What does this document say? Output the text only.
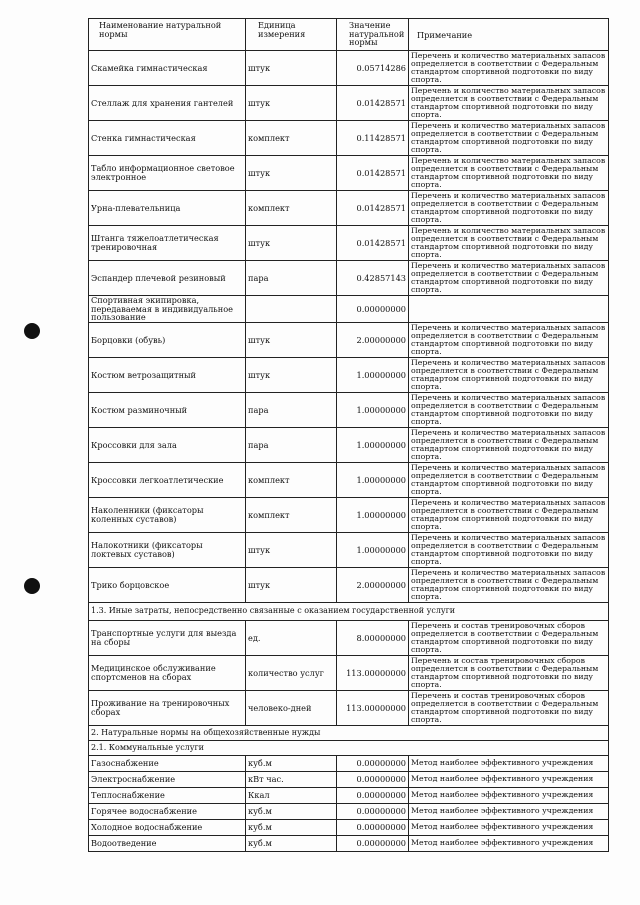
Наименование натуральной нормы	Единица измерения	Значение натуральной нормы	Примечание
Скамейка гимнастическая	штук	0.05714286	Перечень и количество материальных запасов определяется в соответствии с Федеральным стандартом спортивной подготовки по виду спорта.
Стеллаж для хранения гантелей	штук	0.01428571	Перечень и количество материальных запасов определяется в соответствии с Федеральным стандартом спортивной подготовки по виду спорта.
Стенка гимнастическая	комплект	0.11428571	Перечень и количество материальных запасов определяется в соответствии с Федеральным стандартом спортивной подготовки по виду спорта.
Табло информационное световое электронное	штук	0.01428571	Перечень и количество материальных запасов определяется в соответствии с Федеральным стандартом спортивной подготовки по виду спорта.
Урна-плевательница	комплект	0.01428571	Перечень и количество материальных запасов определяется в соответствии с Федеральным стандартом спортивной подготовки по виду спорта.
Штанга тяжелоатлетическая тренировочная	штук	0.01428571	Перечень и количество материальных запасов определяется в соответствии с Федеральным стандартом спортивной подготовки по виду спорта.
Эспандер плечевой резиновый	пара	0.42857143	Перечень и количество материальных запасов определяется в соответствии с Федеральным стандартом спортивной подготовки по виду спорта.
Спортивная экипировка, передаваемая в индивидуальное пользование		0.00000000	
Борцовки (обувь)	штук	2.00000000	Перечень и количество материальных запасов определяется в соответствии с Федеральным стандартом спортивной подготовки по виду спорта.
Костюм ветрозащитный	штук	1.00000000	Перечень и количество материальных запасов определяется в соответствии с Федеральным стандартом спортивной подготовки по виду спорта.
Костюм разминочный	пара	1.00000000	Перечень и количество материальных запасов определяется в соответствии с Федеральным стандартом спортивной подготовки по виду спорта.
Кроссовки для зала	пара	1.00000000	Перечень и количество материальных запасов определяется в соответствии с Федеральным стандартом спортивной подготовки по виду спорта.
Кроссовки легкоатлетические	комплект	1.00000000	Перечень и количество материальных запасов определяется в соответствии с Федеральным стандартом спортивной подготовки по виду спорта.
Наколенники (фиксаторы коленных суставов)	комплект	1.00000000	Перечень и количество материальных запасов определяется в соответствии с Федеральным стандартом спортивной подготовки по виду спорта.
Налокотники (фиксаторы локтевых суставов)	штук	1.00000000	Перечень и количество материальных запасов определяется в соответствии с Федеральным стандартом спортивной подготовки по виду спорта.
Трико борцовское	штук	2.00000000	Перечень и количество материальных запасов определяется в соответствии с Федеральным стандартом спортивной подготовки по виду спорта.
1.3. Иные затраты, непосредственно связанные с оказанием государственной услуги			
Транспортные услуги для выезда на сборы	ед.	8.00000000	Перечень и состав тренировочных сборов определяется в соответствии с Федеральным стандартом спортивной подготовки по виду спорта.
Медицинское обслуживание спортсменов на сборах	количество услуг	113.00000000	Перечень и состав тренировочных сборов определяется в соответствии с Федеральным стандартом спортивной подготовки по виду спорта.
Проживание на тренировочных сборах	человеко-дней	113.00000000	Перечень и состав тренировочных сборов определяется в соответствии с Федеральным стандартом спортивной подготовки по виду спорта.
2. Натуральные нормы на общехозяйственные нужды			
2.1. Коммунальные услуги			
Газоснабжение	куб.м	0.00000000	Метод наиболее эффективного учреждения
Электроснабжение	кВт час.	0.00000000	Метод наиболее эффективного учреждения
Теплоснабжение	Ккал	0.00000000	Метод наиболее эффективного учреждения
Горячее водоснабжение	куб.м	0.00000000	Метод наиболее эффективного учреждения
Холодное водоснабжение	куб.м	0.00000000	Метод наиболее эффективного учреждения
Водоотведение	куб.м	0.00000000	Метод наиболее эффективного учреждения
